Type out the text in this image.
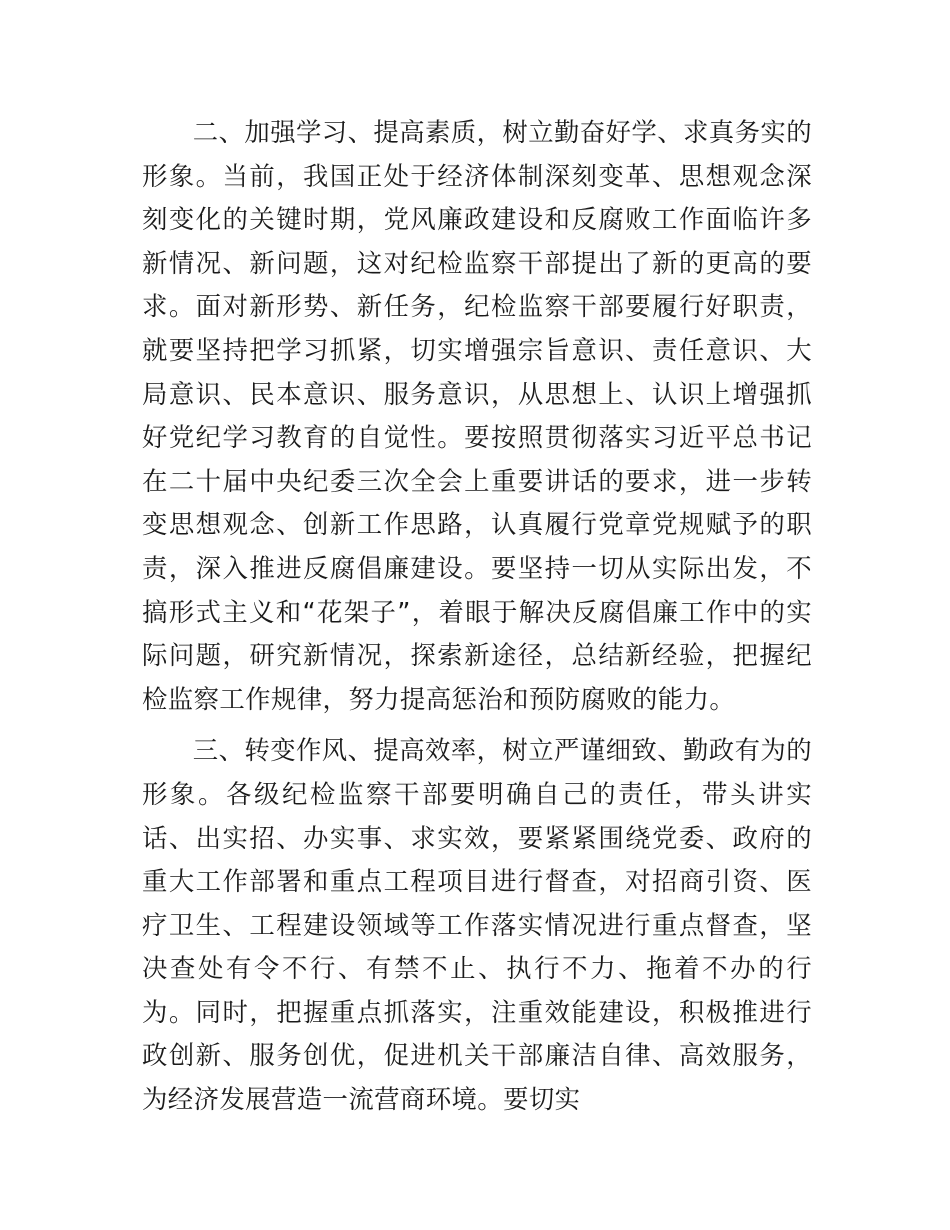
二、加强学习、提高素质，树立勤奋好学、求真务实的形象。当前，我国正处于经济体制深刻变革、思想观念深刻变化的关键时期，党风廉政建设和反腐败工作面临许多新情况、新问题，这对纪检监察干部提出了新的更高的要求。面对新形势、新任务，纪检监察干部要履行好职责，就要坚持把学习抓紧，切实增强宗旨意识、责任意识、大局意识、民本意识、服务意识，从思想上、认识上增强抓好党纪学习教育的自觉性。要按照贯彻落实习近平总书记在二十届中央纪委三次全会上重要讲话的要求，进一步转变思想观念、创新工作思路，认真履行党章党规赋予的职责，深入推进反腐倡廉建设。要坚持一切从实际出发，不搞形式主义和“花架子”，着眼于解决反腐倡廉工作中的实际问题，研究新情况，探索新途径，总结新经验，把握纪检监察工作规律，努力提高惩治和预防腐败的能力。

三、转变作风、提高效率，树立严谨细致、勤政有为的形象。各级纪检监察干部要明确自己的责任，带头讲实话、出实招、办实事、求实效，要紧紧围绕党委、政府的重大工作部署和重点工程项目进行督查，对招商引资、医疗卫生、工程建设领域等工作落实情况进行重点督查，坚决查处有令不行、有禁不止、执行不力、拖着不办的行为。同时，把握重点抓落实，注重效能建设，积极推进行政创新、服务创优，促进机关干部廉洁自律、高效服务，为经济发展营造一流营商环境。要切实
